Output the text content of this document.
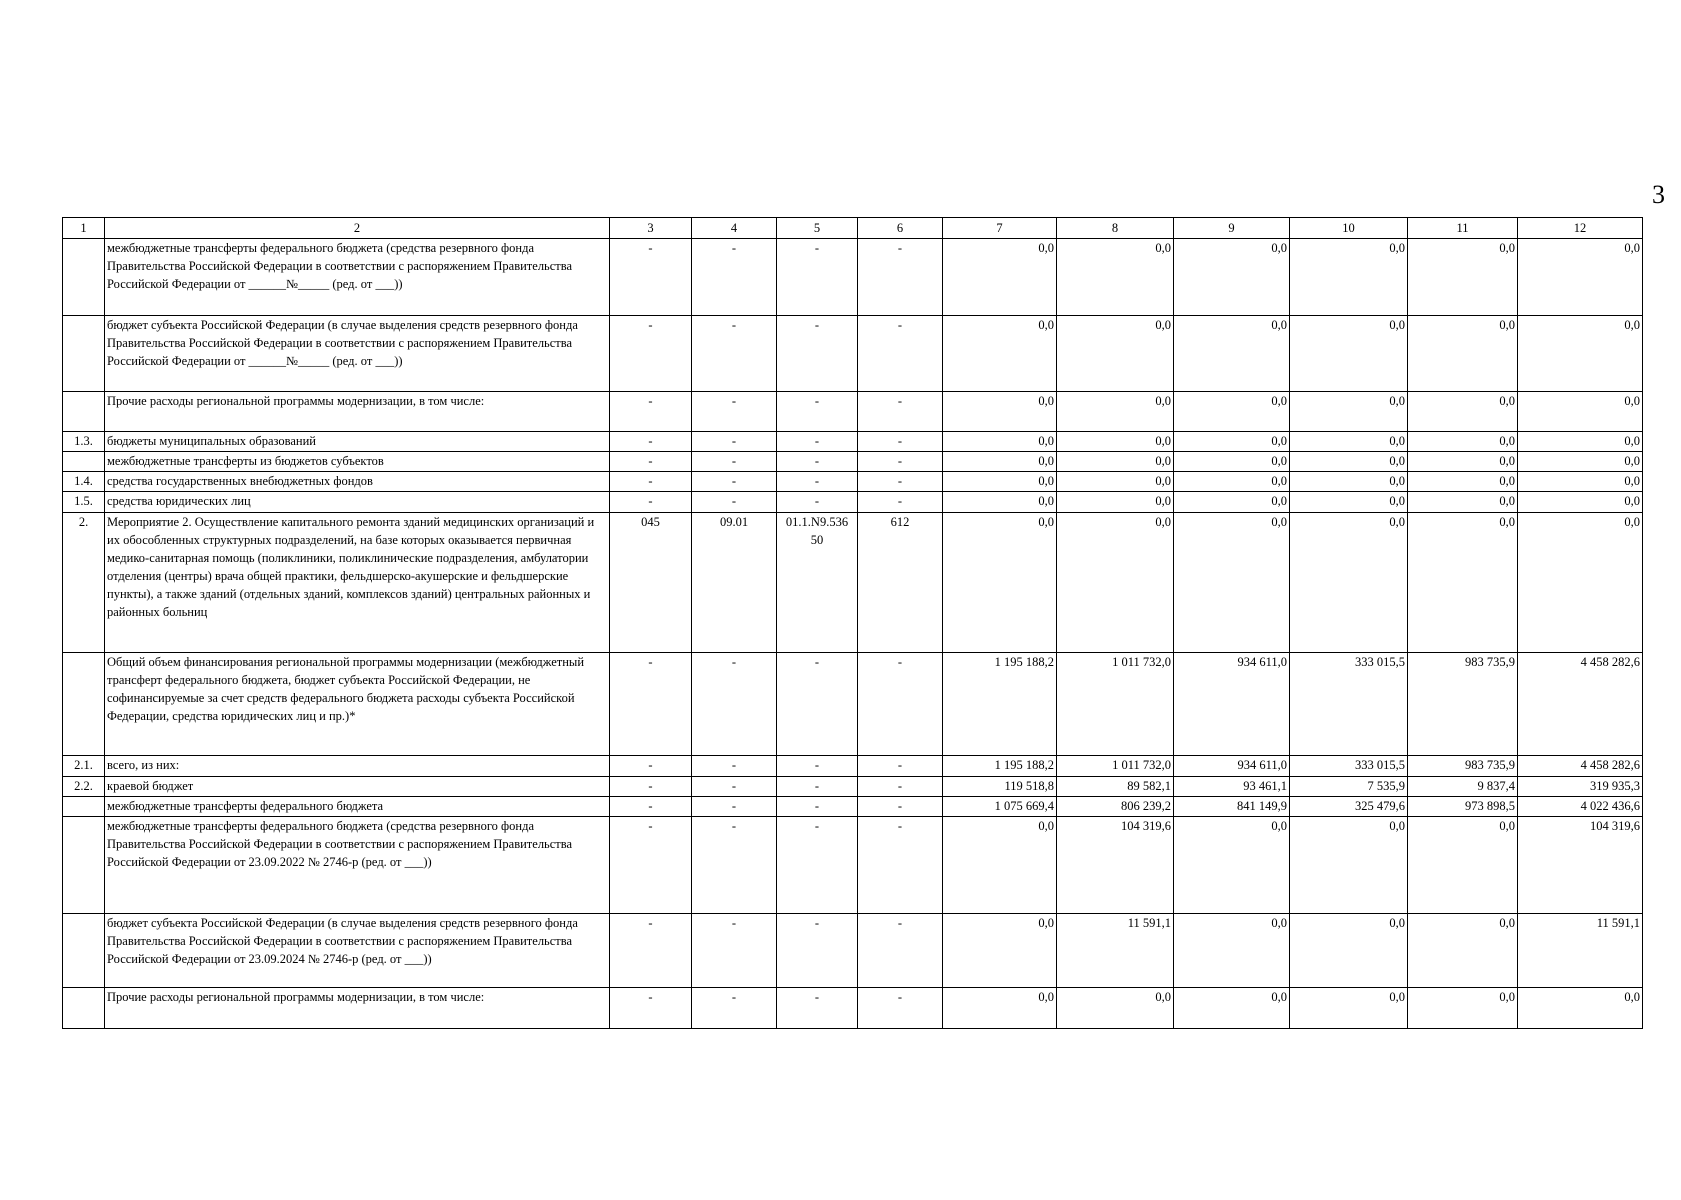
3
1	2	3	4	5	6	7	8	9	10	11	12
	межбюджетные трансферты федерального бюджета (средства резервного фонда Правительства Российской Федерации в соответствии с распоряжением Правительства Российской Федерации от ______№_____ (ред. от ___))	-	-	-	-	0,0	0,0	0,0	0,0	0,0	0,0
	бюджет субъекта Российской Федерации (в случае выделения средств резервного фонда Правительства Российской Федерации в соответствии с распоряжением Правительства Российской Федерации от ______№_____ (ред. от ___))	-	-	-	-	0,0	0,0	0,0	0,0	0,0	0,0
	Прочие расходы региональной программы модернизации, в том числе:	-	-	-	-	0,0	0,0	0,0	0,0	0,0	0,0
1.3.	бюджеты муниципальных образований	-	-	-	-	0,0	0,0	0,0	0,0	0,0	0,0
	межбюджетные трансферты из бюджетов субъектов	-	-	-	-	0,0	0,0	0,0	0,0	0,0	0,0
1.4.	средства государственных внебюджетных фондов	-	-	-	-	0,0	0,0	0,0	0,0	0,0	0,0
1.5.	средства юридических лиц	-	-	-	-	0,0	0,0	0,0	0,0	0,0	0,0
2.	Мероприятие 2. Осуществление капитального ремонта зданий медицинских организаций и их обособленных структурных подразделений, на базе которых оказывается первичная медико-санитарная помощь (поликлиники, поликлинические подразделения, амбулатории отделения (центры) врача общей практики, фельдшерско-акушерские и фельдшерские пункты), а также зданий (отдельных зданий, комплексов зданий) центральных районных и районных больниц	045	09.01	01.1.N9.536 50	612	0,0	0,0	0,0	0,0	0,0	0,0
	Общий объем финансирования региональной программы модернизации (межбюджетный трансферт федерального бюджета, бюджет субъекта Российской Федерации, не софинансируемые за счет средств федерального бюджета расходы субъекта Российской Федерации, средства юридических лиц и пр.)*	-	-	-	-	1 195 188,2	1 011 732,0	934 611,0	333 015,5	983 735,9	4 458 282,6
2.1.	всего, из них:	-	-	-	-	1 195 188,2	1 011 732,0	934 611,0	333 015,5	983 735,9	4 458 282,6
2.2.	краевой бюджет	-	-	-	-	119 518,8	89 582,1	93 461,1	7 535,9	9 837,4	319 935,3
	межбюджетные трансферты федерального бюджета	-	-	-	-	1 075 669,4	806 239,2	841 149,9	325 479,6	973 898,5	4 022 436,6
	межбюджетные трансферты федерального бюджета (средства резервного фонда Правительства Российской Федерации в соответствии с распоряжением Правительства Российской Федерации от 23.09.2022 № 2746-р (ред. от ___))	-	-	-	-	0,0	104 319,6	0,0	0,0	0,0	104 319,6
	бюджет субъекта Российской Федерации (в случае выделения средств резервного фонда Правительства Российской Федерации в соответствии с распоряжением Правительства Российской Федерации от 23.09.2024 № 2746-р (ред. от ___))	-	-	-	-	0,0	11 591,1	0,0	0,0	0,0	11 591,1
	Прочие расходы региональной программы модернизации, в том числе:	-	-	-	-	0,0	0,0	0,0	0,0	0,0	0,0
